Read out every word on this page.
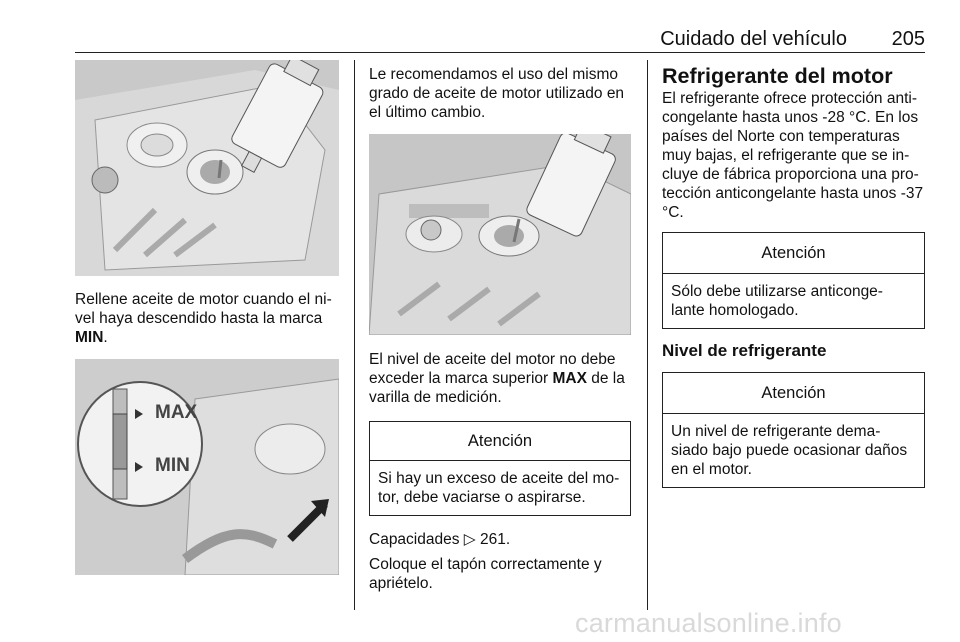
Cuidado del vehículo 205

Rellene aceite de motor cuando el ni-vel haya descendido hasta la marca MIN.

MAX
MIN

Le recomendamos el uso del mismo grado de aceite de motor utilizado en el último cambio.

El nivel de aceite del motor no debe exceder la marca superior MAX de la varilla de medición.

Atención
Si hay un exceso de aceite del mo-tor, debe vaciarse o aspirarse.

Capacidades ▷ 261.

Coloque el tapón correctamente y apriételo.

Refrigerante del motor

El refrigerante ofrece protección anti-congelante hasta unos -28 °C. En los países del Norte con temperaturas muy bajas, el refrigerante que se in-cluye de fábrica proporciona una pro-tección anticongelante hasta unos -37 °C.

Atención
Sólo debe utilizarse anticonge-lante homologado.
Nivel de refrigerante
Atención
Un nivel de refrigerante dema-siado bajo puede ocasionar daños en el motor.
carmanualsonline.info
